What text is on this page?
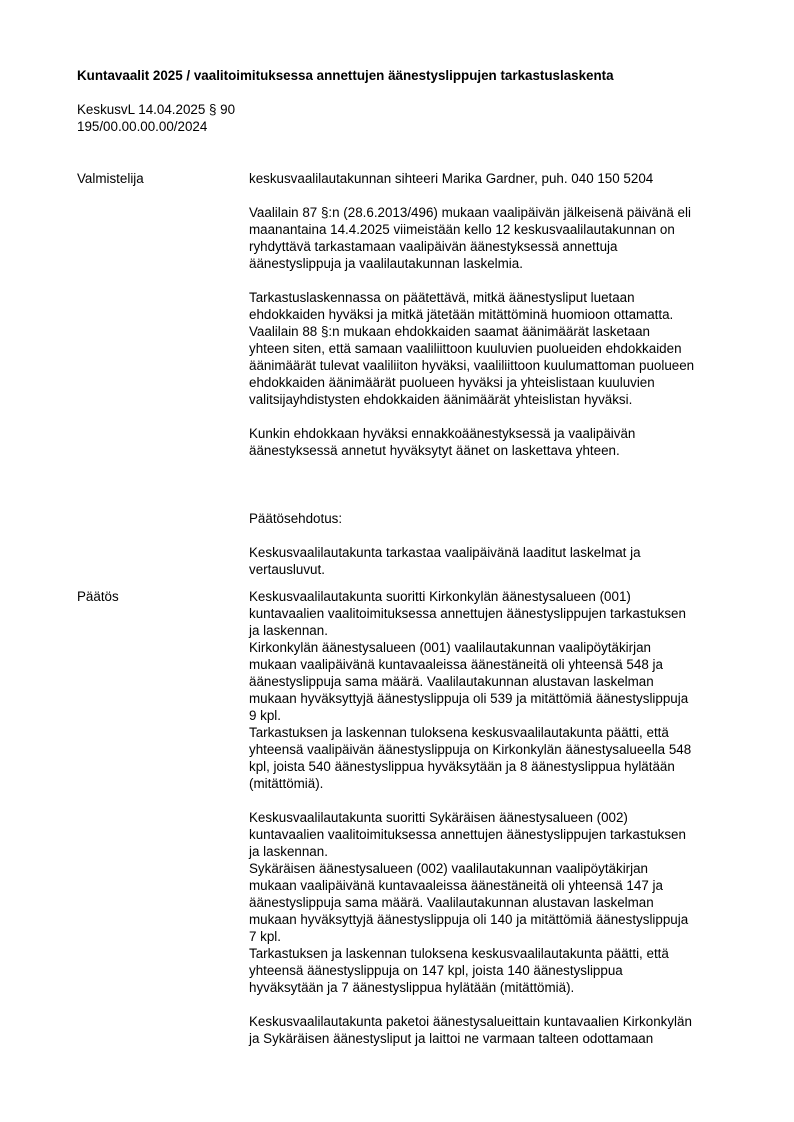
Kuntavaalit 2025 / vaalitoimituksessa annettujen äänestyslippujen tarkastuslaskenta
KeskusvL 14.04.2025 § 90
195/00.00.00.00/2024
Valmistelija	keskusvaalilautakunnan sihteeri Marika Gardner, puh. 040 150 5204
Vaalilain 87 §:n (28.6.2013/496) mukaan vaalipäivän jälkeisenä päivänä eli
maanantaina 14.4.2025 viimeistään kello 12 keskusvaalilautakunnan on
ryhdyttävä tarkastamaan vaalipäivän äänestyksessä annettuja
äänestyslippuja ja vaalilautakunnan laskelmia.
Tarkastuslaskennassa on päätettävä, mitkä äänestysliput luetaan
ehdokkaiden hyväksi ja mitkä jätetään mitättöminä huomioon ottamatta.
Vaalilain 88 §:n mukaan ehdokkaiden saamat äänimäärät lasketaan
yhteen siten, että samaan vaaliliittoon kuuluvien puolueiden ehdokkaiden
äänimäärät tulevat vaaliliiton hyväksi, vaaliliittoon kuulumattoman puolueen
ehdokkaiden äänimäärät puolueen hyväksi ja yhteislistaan kuuluvien
valitsijayhdistysten ehdokkaiden äänimäärät yhteislistan hyväksi.
Kunkin ehdokkaan hyväksi ennakkoäänestyksessä ja vaalipäivän
äänestyksessä annetut hyväksytyt äänet on laskettava yhteen.
Päätösehdotus:
Keskusvaalilautakunta tarkastaa vaalipäivänä laaditut laskelmat ja
vertausluvut.
Päätös	Keskusvaalilautakunta suoritti Kirkonkylän äänestysalueen (001)
kuntavaalien vaalitoimituksessa annettujen äänestyslippujen tarkastuksen
ja laskennan.
Kirkonkylän äänestysalueen (001) vaalilautakunnan vaalipöytäkirjan
mukaan vaalipäivänä kuntavaaleissa äänestäneitä oli yhteensä 548 ja
äänestyslippuja sama määrä. Vaalilautakunnan alustavan laskelman
mukaan hyväksyttyjä äänestyslippuja oli 539 ja mitättömiä äänestyslippuja
9 kpl.
Tarkastuksen ja laskennan tuloksena keskusvaalilautakunta päätti, että
yhteensä vaalipäivän äänestyslippuja on Kirkonkylän äänestysalueella 548
kpl, joista 540 äänestyslippua hyväksytään ja 8 äänestyslippua hylätään
(mitättömiä).
Keskusvaalilautakunta suoritti Sykäräisen äänestysalueen (002)
kuntavaalien vaalitoimituksessa annettujen äänestyslippujen tarkastuksen
ja laskennan.
Sykäräisen äänestysalueen (002) vaalilautakunnan vaalipöytäkirjan
mukaan vaalipäivänä kuntavaaleissa äänestäneitä oli yhteensä 147 ja
äänestyslippuja sama määrä. Vaalilautakunnan alustavan laskelman
mukaan hyväksyttyjä äänestyslippuja oli 140 ja mitättömiä äänestyslippuja
7 kpl.
Tarkastuksen ja laskennan tuloksena keskusvaalilautakunta päätti, että
yhteensä äänestyslippuja on 147 kpl, joista 140 äänestyslippua
hyväksytään ja 7 äänestyslippua hylätään (mitättömiä).
Keskusvaalilautakunta paketoi äänestysalueittain kuntavaalien Kirkonkylän
ja Sykäräisen äänestysliput ja laittoi ne varmaan talteen odottamaan
